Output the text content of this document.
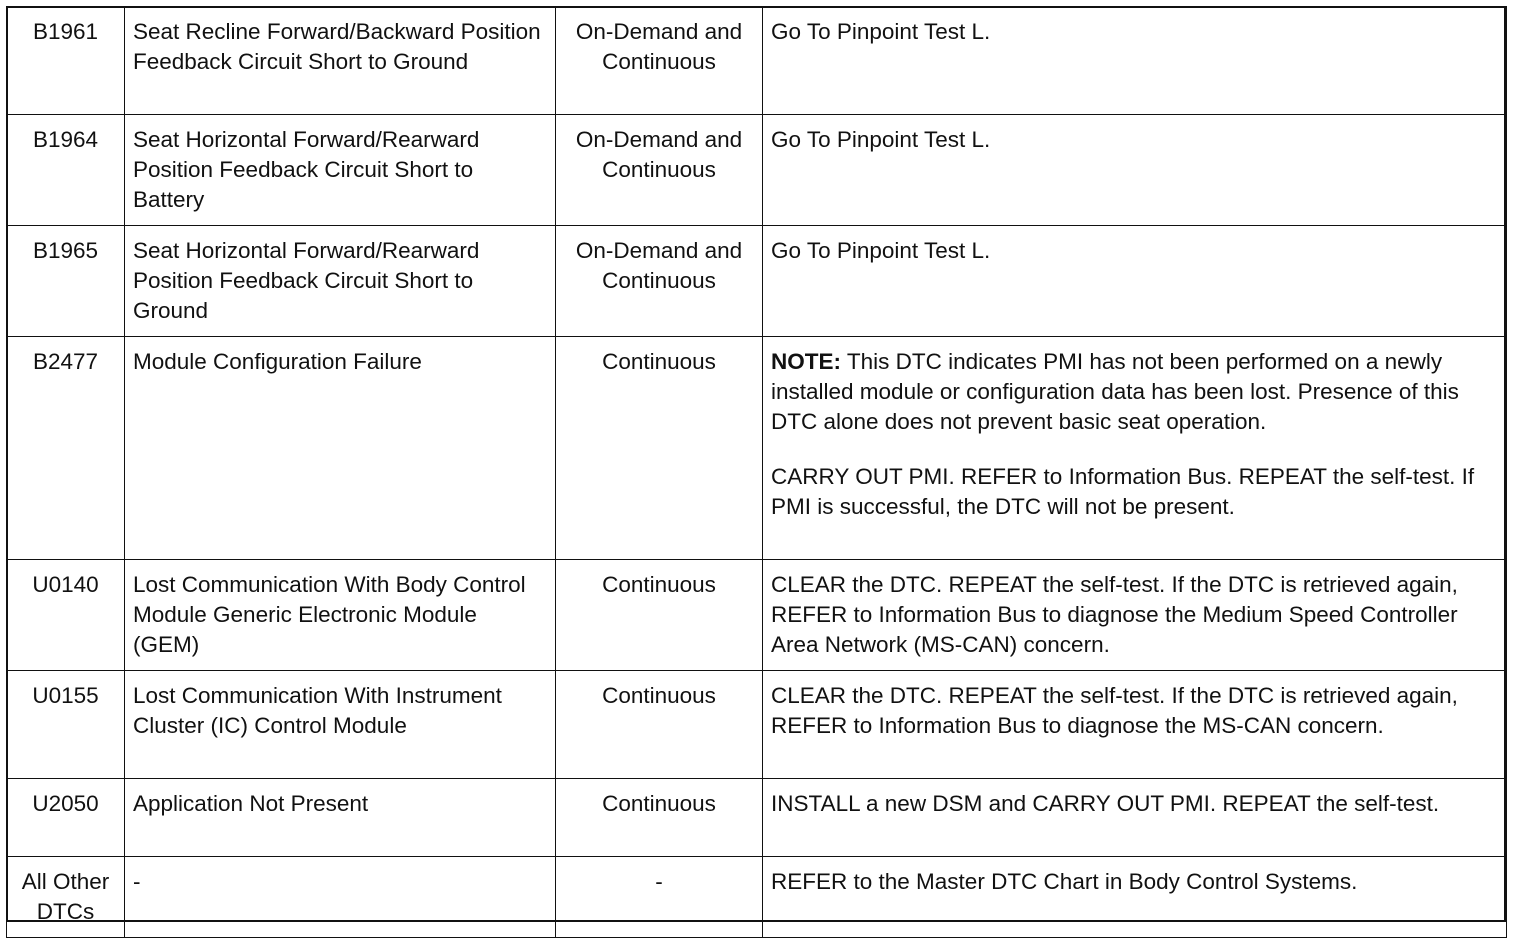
B1961	Seat Recline Forward/Backward Position Feedback Circuit Short to Ground	On-Demand and Continuous	Go To Pinpoint Test L.
B1964	Seat Horizontal Forward/Rearward Position Feedback Circuit Short to Battery	On-Demand and Continuous	Go To Pinpoint Test L.
B1965	Seat Horizontal Forward/Rearward Position Feedback Circuit Short to Ground	On-Demand and Continuous	Go To Pinpoint Test L.
B2477	Module Configuration Failure	Continuous	NOTE: This DTC indicates PMI has not been performed on a newly installed module or configuration data has been lost. Presence of this DTC alone does not prevent basic seat operation.
CARRY OUT PMI. REFER to Information Bus. REPEAT the self-test. If PMI is successful, the DTC will not be present.

U0140	Lost Communication With Body Control Module Generic Electronic Module (GEM)	Continuous	CLEAR the DTC. REPEAT the self-test. If the DTC is retrieved again, REFER to Information Bus to diagnose the Medium Speed Controller Area Network (MS-CAN) concern.
U0155	Lost Communication With Instrument Cluster (IC) Control Module	Continuous	CLEAR the DTC. REPEAT the self-test. If the DTC is retrieved again, REFER to Information Bus to diagnose the MS-CAN concern.
U2050	Application Not Present	Continuous	INSTALL a new DSM and CARRY OUT PMI. REPEAT the self-test.
All Other DTCs	-	-	REFER to the Master DTC Chart in Body Control Systems.
